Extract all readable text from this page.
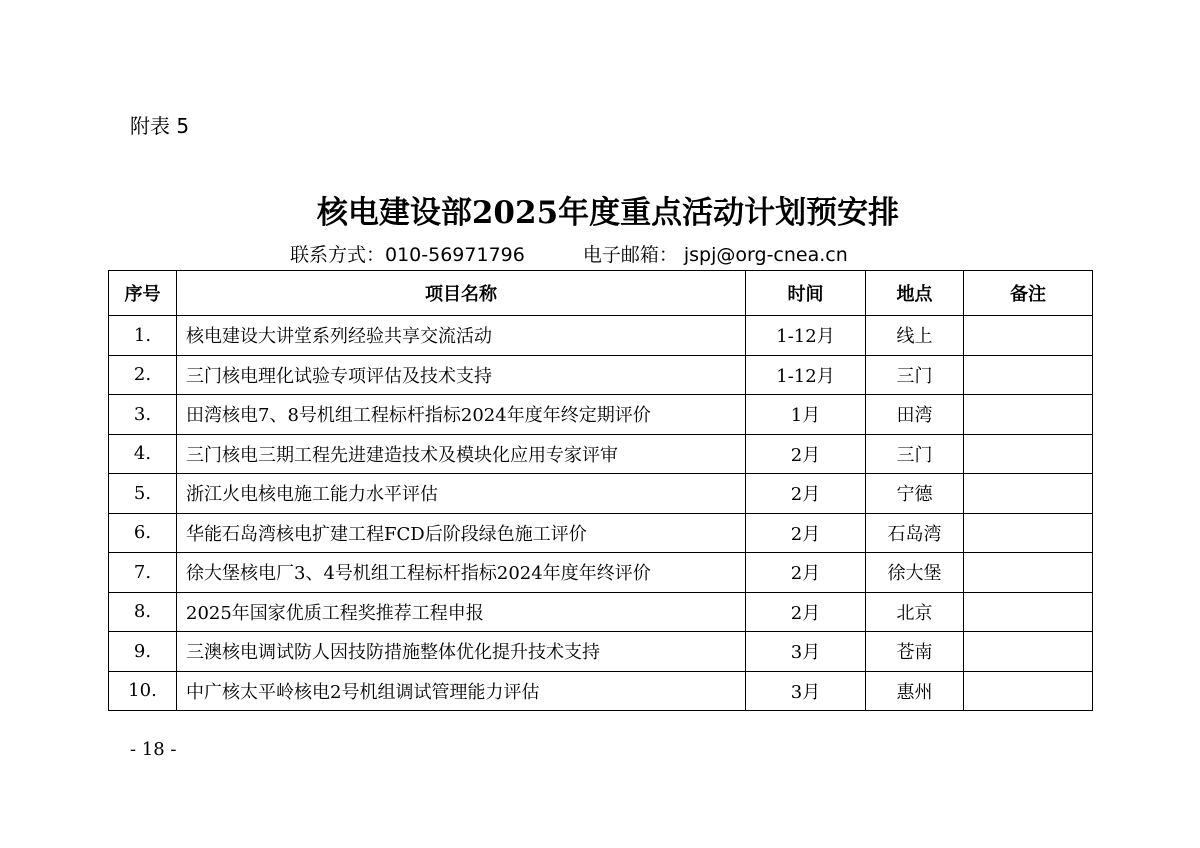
附表 5
核电建设部2025年度重点活动计划预安排
联系方式：010-56971796	电子邮箱： jspj@org-cnea.cn
序号	项目名称	时间	地点	备注
1.	核电建设大讲堂系列经验共享交流活动	1-12月	线上	
2.	三门核电理化试验专项评估及技术支持	1-12月	三门	
3.	田湾核电7、8号机组工程标杆指标2024年度年终定期评价	1月	田湾	
4.	三门核电三期工程先进建造技术及模块化应用专家评审	2月	三门	
5.	浙江火电核电施工能力水平评估	2月	宁德	
6.	华能石岛湾核电扩建工程FCD后阶段绿色施工评价	2月	石岛湾	
7.	徐大堡核电厂3、4号机组工程标杆指标2024年度年终评价	2月	徐大堡	
8.	2025年国家优质工程奖推荐工程申报	2月	北京	
9.	三澳核电调试防人因技防措施整体优化提升技术支持	3月	苍南	
10.	中广核太平岭核电2号机组调试管理能力评估	3月	惠州	
- 18 -
